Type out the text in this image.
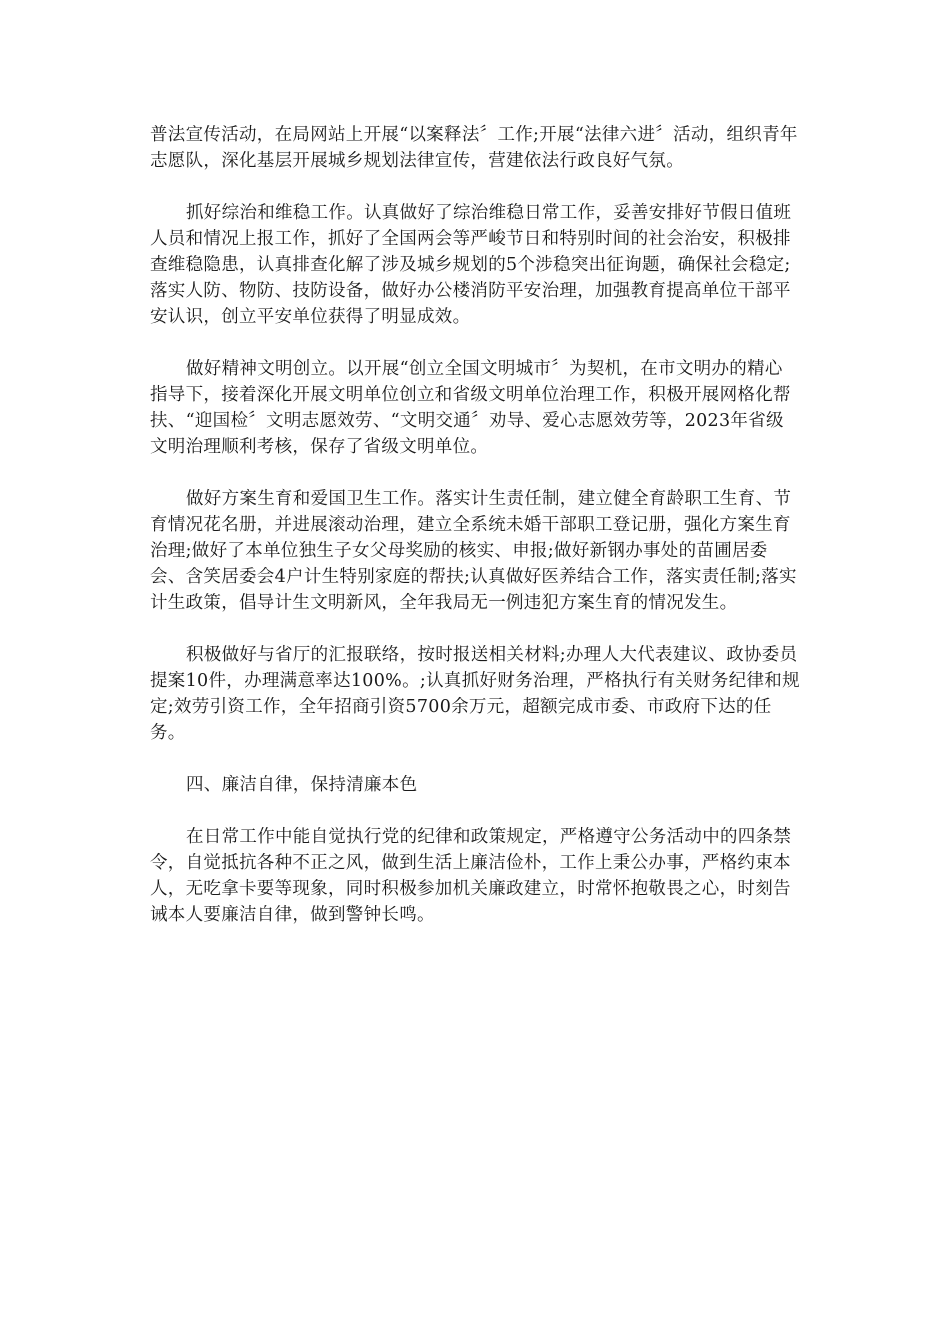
普法宣传活动，在局网站上开展“以案释法〞工作;开展“法律六进〞活动，组织青年志愿队，深化基层开展城乡规划法律宣传，营建依法行政良好气氛。

抓好综治和维稳工作。认真做好了综治维稳日常工作，妥善安排好节假日值班人员和情况上报工作，抓好了全国两会等严峻节日和特别时间的社会治安，积极排查维稳隐患，认真排查化解了涉及城乡规划的5个涉稳突出征询题，确保社会稳定;落实人防、物防、技防设备，做好办公楼消防平安治理，加强教育提高单位干部平安认识，创立平安单位获得了明显成效。

做好精神文明创立。以开展“创立全国文明城市〞为契机，在市文明办的精心指导下，接着深化开展文明单位创立和省级文明单位治理工作，积极开展网格化帮扶、“迎国检〞文明志愿效劳、“文明交通〞劝导、爱心志愿效劳等，2023年省级文明治理顺利考核，保存了省级文明单位。

做好方案生育和爱国卫生工作。落实计生责任制，建立健全育龄职工生育、节育情况花名册，并进展滚动治理，建立全系统未婚干部职工登记册，强化方案生育治理;做好了本单位独生子女父母奖励的核实、申报;做好新钢办事处的苗圃居委会、含笑居委会4户计生特别家庭的帮扶;认真做好医养结合工作，落实责任制;落实计生政策，倡导计生文明新风，全年我局无一例违犯方案生育的情况发生。

积极做好与省厅的汇报联络，按时报送相关材料;办理人大代表建议、政协委员提案10件，办理满意率达100%。;认真抓好财务治理，严格执行有关财务纪律和规定;效劳引资工作，全年招商引资5700余万元，超额完成市委、市政府下达的任务。

四、廉洁自律，保持清廉本色

在日常工作中能自觉执行党的纪律和政策规定，严格遵守公务活动中的四条禁令，自觉抵抗各种不正之风，做到生活上廉洁俭朴，工作上秉公办事，严格约束本人，无吃拿卡要等现象，同时积极参加机关廉政建立，时常怀抱敬畏之心，时刻告诫本人要廉洁自律，做到警钟长鸣。
